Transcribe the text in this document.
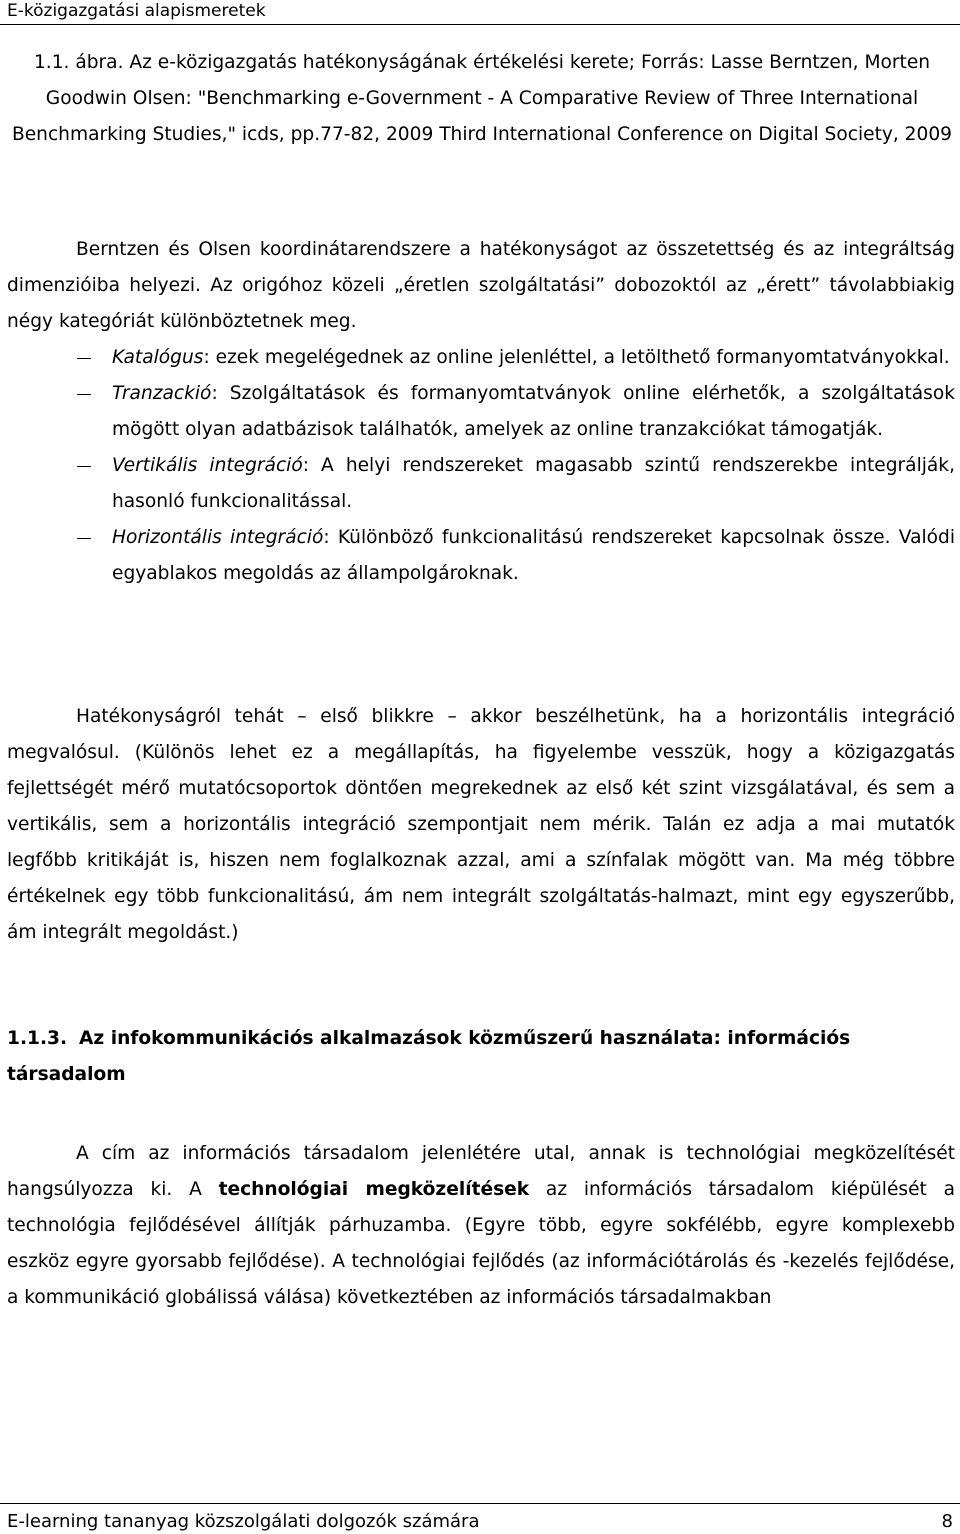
E-közigazgatási alapismeretek
1.1. ábra. Az e-közigazgatás hatékonyságának értékelési kerete; Forrás: Lasse Berntzen, Morten Goodwin Olsen: "Benchmarking e-Government - A Comparative Review of Three International Benchmarking Studies," icds, pp.77-82, 2009 Third International Conference on Digital Society, 2009
Berntzen és Olsen koordinátarendszere a hatékonyságot az összetettség és az integráltság dimenzióiba helyezi. Az origóhoz közeli „éretlen szolgáltatási” dobozoktól az „érett” távolabbiakig négy kategóriát különböztetnek meg.
Katalógus: ezek megelégednek az online jelenléttel, a letölthető formanyomtatványokkal.
Tranzackió: Szolgáltatások és formanyomtatványok online elérhetők, a szolgáltatások mögött olyan adatbázisok találhatók, amelyek az online tranzakciókat támogatják.
Vertikális integráció: A helyi rendszereket magasabb szintű rendszerekbe integrálják, hasonló funkcionalitással.
Horizontális integráció: Különböző funkcionalitású rendszereket kapcsolnak össze. Valódi egyablakos megoldás az állampolgároknak.
Hatékonyságról tehát – első blikkre – akkor beszélhetünk, ha a horizontális integráció megvalósul. (Különös lehet ez a megállapítás, ha figyelembe vesszük, hogy a közigazgatás fejlettségét mérő mutatócsoportok döntően megrekednek az első két szint vizsgálatával, és sem a vertikális, sem a horizontális integráció szempontjait nem mérik. Talán ez adja a mai mutatók legfőbb kritikáját is, hiszen nem foglalkoznak azzal, ami a színfalak mögött van. Ma még többre értékelnek egy több funkcionalitású, ám nem integrált szolgáltatás-halmazt, mint egy egyszerűbb, ám integrált megoldást.)
1.1.3. Az infokommunikációs alkalmazások közműszerű használata: információs társadalom
A cím az információs társadalom jelenlétére utal, annak is technológiai megközelítését hangsúlyozza ki. A technológiai megközelítések az információs társadalom kiépülését a technológia fejlődésével állítják párhuzamba. (Egyre több, egyre sokfélébb, egyre komplexebb eszköz egyre gyorsabb fejlődése). A technológiai fejlődés (az információtárolás és -kezelés fejlődése, a kommunikáció globálissá válása) következtében az információs társadalmakban
E-learning tananyag közszolgálati dolgozók számára	8
